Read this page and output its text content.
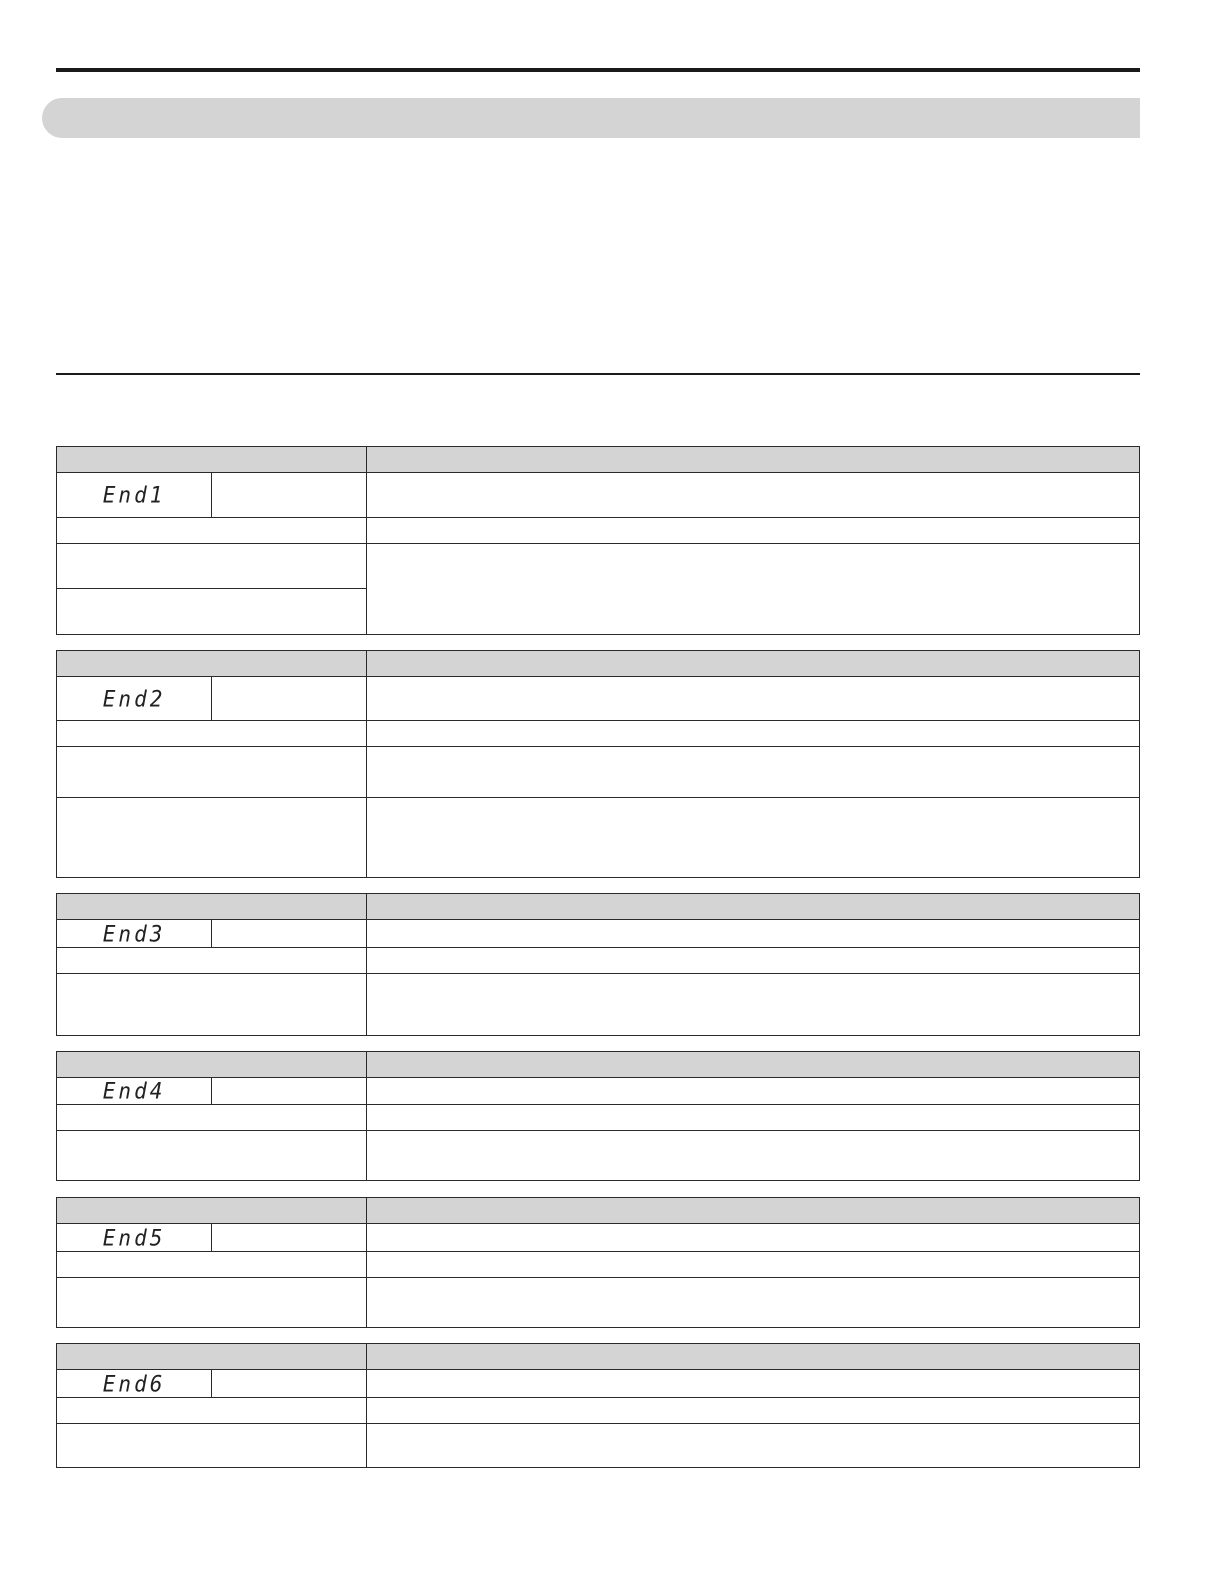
End1		

End2		

End3		

End4		

End5		

End6		
